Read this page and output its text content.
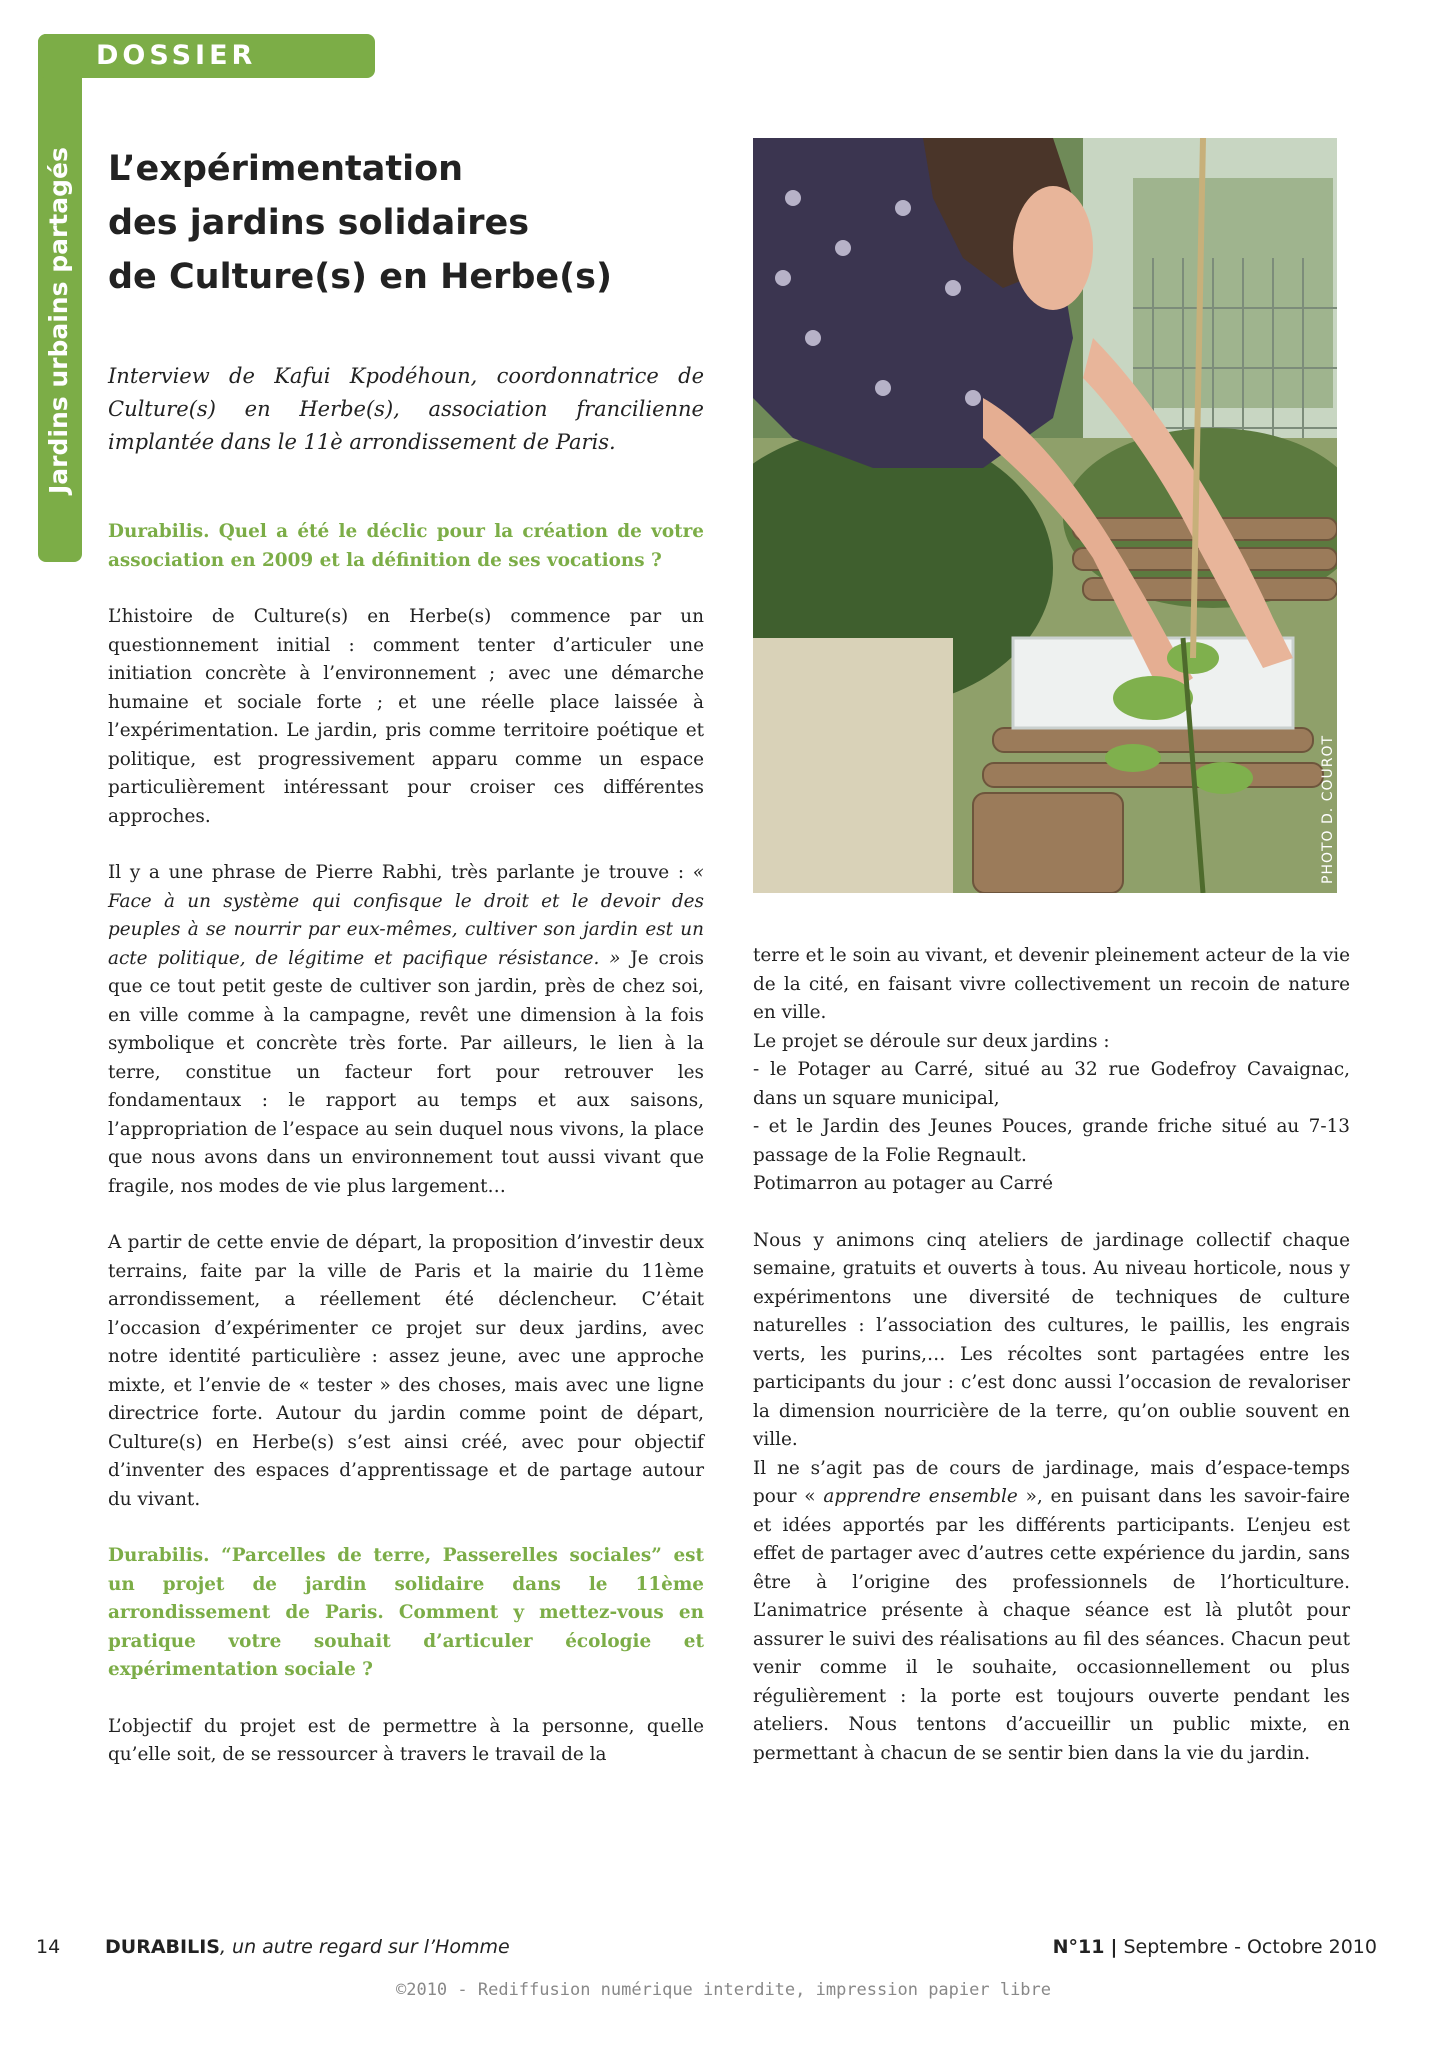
DOSSIER
Jardins urbains partagés L’expérimentation
des jardins solidaires
de Culture(s) en Herbe(s)

Interview de Kafui Kpodéhoun, coordonnatrice de Culture(s) en Herbe(s), association francilienne implantée dans le 11è arrondissement de Paris.

Durabilis. Quel a été le déclic pour la création de votre association en 2009 et la définition de ses vocations ?

L’histoire de Culture(s) en Herbe(s) commence par un questionnement initial : comment tenter d’articuler une initiation concrète à l’environnement ; avec une démarche humaine et sociale forte ; et une réelle place laissée à l’expérimentation. Le jardin, pris comme territoire poétique et politique, est progressivement apparu comme un espace particulièrement intéressant pour croiser ces différentes approches.

Il y a une phrase de Pierre Rabhi, très parlante je trouve : « Face à un système qui confisque le droit et le devoir des peuples à se nourrir par eux-mêmes, cultiver son jardin est un acte politique, de légitime et pacifique résistance. » Je crois que ce tout petit geste de cultiver son jardin, près de chez soi, en ville comme à la campagne, revêt une dimension à la fois symbolique et concrète très forte. Par ailleurs, le lien à la terre, constitue un facteur fort pour retrouver les fondamentaux : le rapport au temps et aux saisons, l’appropriation de l’espace au sein duquel nous vivons, la place que nous avons dans un environnement tout aussi vivant que fragile, nos modes de vie plus largement…

A partir de cette envie de départ, la proposition d’investir deux terrains, faite par la ville de Paris et la mairie du 11ème arrondissement, a réellement été déclencheur. C’était l’occasion d’expérimenter ce projet sur deux jardins, avec notre identité particulière : assez jeune, avec une approche mixte, et l’envie de « tester » des choses, mais avec une ligne directrice forte. Autour du jardin comme point de départ, Culture(s) en Herbe(s) s’est ainsi créé, avec pour objectif d’inventer des espaces d’apprentissage et de partage autour du vivant.

Durabilis. “Parcelles de terre, Passerelles sociales” est un projet de jardin solidaire dans le 11ème arrondissement de Paris. Comment y mettez-vous en pratique votre souhait d’articuler écologie et expérimentation sociale ?

L’objectif du projet est de permettre à la personne, quelle qu’elle soit, de se ressourcer à travers le travail de la

PHOTO D. COUROT

terre et le soin au vivant, et devenir pleinement acteur de la vie de la cité, en faisant vivre collectivement un recoin de nature en ville.

Le projet se déroule sur deux jardins :

- le Potager au Carré, situé au 32 rue Godefroy Cavaignac, dans un square municipal,

- et le Jardin des Jeunes Pouces, grande friche situé au 7-13 passage de la Folie Regnault.

Potimarron au potager au Carré

Nous y animons cinq ateliers de jardinage collectif chaque semaine, gratuits et ouverts à tous. Au niveau horticole, nous y expérimentons une diversité de techniques de culture naturelles : l’association des cultures, le paillis, les engrais verts, les purins,… Les récoltes sont partagées entre les participants du jour : c’est donc aussi l’occasion de revaloriser la dimension nourricière de la terre, qu’on oublie souvent en ville.

Il ne s’agit pas de cours de jardinage, mais d’espace-temps pour « apprendre ensemble », en puisant dans les savoir-faire et idées apportés par les différents participants. L’enjeu est effet de partager avec d’autres cette expérience du jardin, sans être à l’origine des professionnels de l’horticulture. L’animatrice présente à chaque séance est là plutôt pour assurer le suivi des réalisations au fil des séances. Chacun peut venir comme il le souhaite, occasionnellement ou plus régulièrement : la porte est toujours ouverte pendant les ateliers. Nous tentons d’accueillir un public mixte, en permettant à chacun de se sentir bien dans la vie du jardin.

14 DURABILIS, un autre regard sur l’Homme	N°11 | Septembre - Octobre 2010
©2010 - Rediffusion numérique interdite, impression papier libre
